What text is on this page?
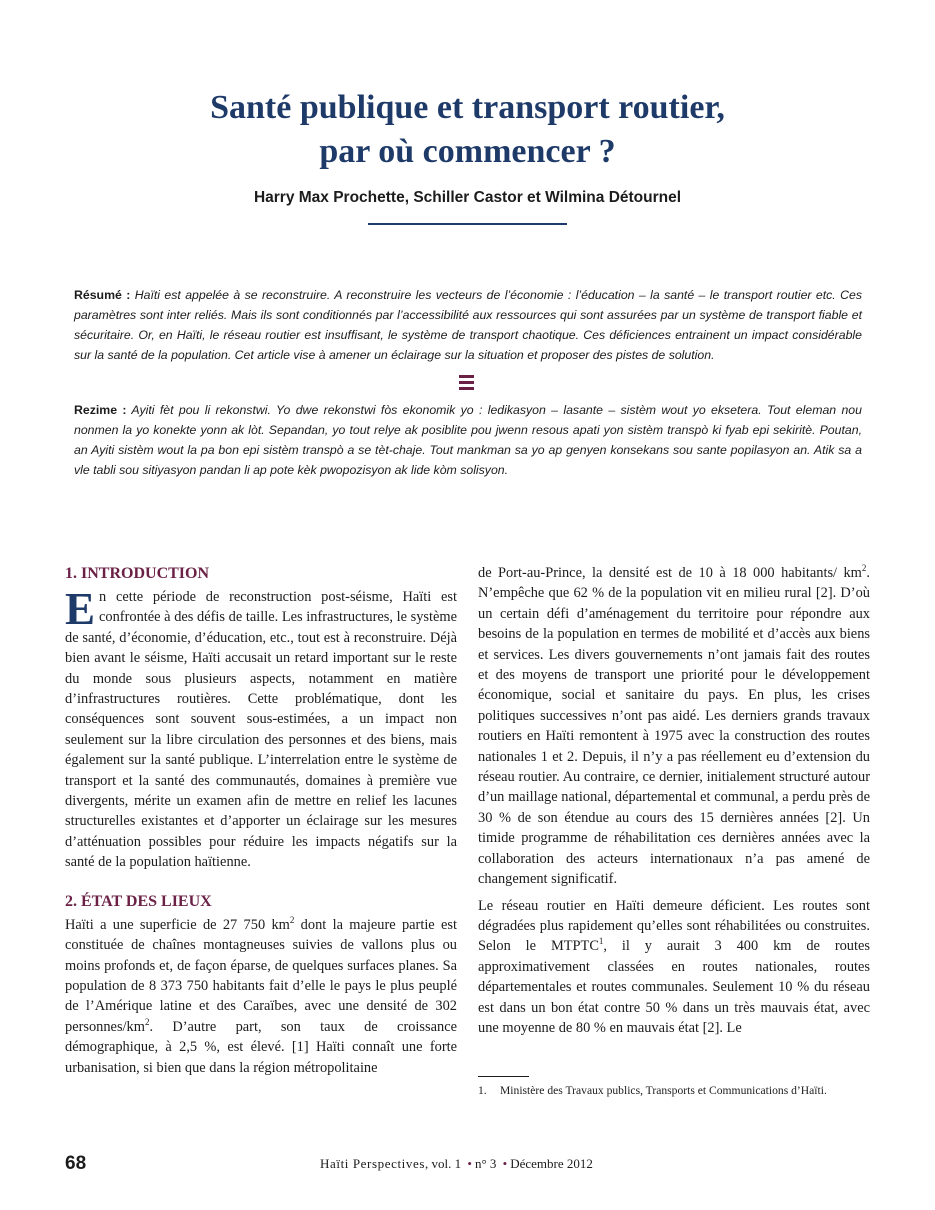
Santé publique et transport routier,
par où commencer ?
Harry Max Prochette, Schiller Castor et Wilmina Détournel
Résumé : Haïti est appelée à se reconstruire. A reconstruire les vecteurs de l’économie : l’éducation – la santé – le transport routier etc. Ces paramètres sont inter reliés. Mais ils sont conditionnés par l’accessibilité aux ressources qui sont assurées par un système de transport fiable et sécuritaire. Or, en Haïti, le réseau routier est insuffisant, le système de transport chaotique. Ces déficiences entrainent un impact considérable sur la santé de la population. Cet article vise à amener un éclairage sur la situation et proposer des pistes de solution.
Rezime : Ayiti fèt pou li rekonstwi. Yo dwe rekonstwi fòs ekonomik yo : ledikasyon – lasante – sistèm wout yo eksetera. Tout eleman nou nonmen la yo konekte yonn ak lòt. Sepandan, yo tout relye ak posiblite pou jwenn resous apati yon sistèm transpò ki fyab epi sekiritè. Poutan, an Ayiti sistèm wout la pa bon epi sistèm transpò a se tèt-chaje. Tout mankman sa yo ap genyen konsekans sou sante popilasyon an. Atik sa a vle tabli sou sitiyasyon pandan li ap pote kèk pwopozisyon ak lide kòm solisyon.
1. INTRODUCTION

En cette période de reconstruction post-séisme, Haïti est confrontée à des défis de taille. Les infrastructures, le système de santé, d’économie, d’éducation, etc., tout est à reconstruire. Déjà bien avant le séisme, Haïti accusait un retard important sur le reste du monde sous plusieurs aspects, notamment en matière d’infrastructures routières. Cette problématique, dont les conséquences sont souvent sous-estimées, a un impact non seulement sur la libre circulation des personnes et des biens, mais également sur la santé publique. L’interrelation entre le système de transport et la santé des communautés, domaines à première vue divergents, mérite un examen afin de mettre en relief les lacunes structurelles existantes et d’apporter un éclairage sur les mesures d’atténuation possibles pour réduire les impacts négatifs sur la santé de la population haïtienne.

2. ÉTAT DES LIEUX

Haïti a une superficie de 27 750 $km^2$ dont la majeure partie est constituée de chaînes montagneuses suivies de vallons plus ou moins profonds et, de façon éparse, de quelques surfaces planes. Sa population de 8 373 750 habitants fait d’elle le pays le plus peuplé de l’Amérique latine et des Caraïbes, avec une densité de 302 personnes/$km^2$. D’autre part, son taux de croissance démographique, à 2,5 %, est élevé. [1] Haïti connaît une forte urbanisation, si bien que dans la région métropolitaine

de Port-au-Prince, la densité est de 10 à 18 000 habitants/ $km^2$. N’empêche que 62 % de la population vit en milieu rural [2]. D’où un certain défi d’aménagement du territoire pour répondre aux besoins de la population en termes de mobilité et d’accès aux biens et services. Les divers gouvernements n’ont jamais fait des routes et des moyens de transport une priorité pour le développement économique, social et sanitaire du pays. En plus, les crises politiques successives n’ont pas aidé. Les derniers grands travaux routiers en Haïti remontent à 1975 avec la construction des routes nationales 1 et 2. Depuis, il n’y a pas réellement eu d’extension du réseau routier. Au contraire, ce dernier, initialement structuré autour d’un maillage national, départemental et communal, a perdu près de 30 % de son étendue au cours des 15 dernières années [2]. Un timide programme de réhabilitation ces dernières années avec la collaboration des acteurs internationaux n’a pas amené de changement significatif.

Le réseau routier en Haïti demeure déficient. Les routes sont dégradées plus rapidement qu’elles sont réhabilitées ou construites. Selon le MTPTC$^1$, il y aurait 3 400 km de routes approximativement classées en routes nationales, routes départementales et routes communales. Seulement 10 % du réseau est dans un bon état contre 50 % dans un très mauvais état, avec une moyenne de 80 % en mauvais état [2]. Le

1.	Ministère des Travaux publics, Transports et Communications d’Haïti.
68	Haïti Perspectives, vol. 1 • n° 3 • Décembre 2012
